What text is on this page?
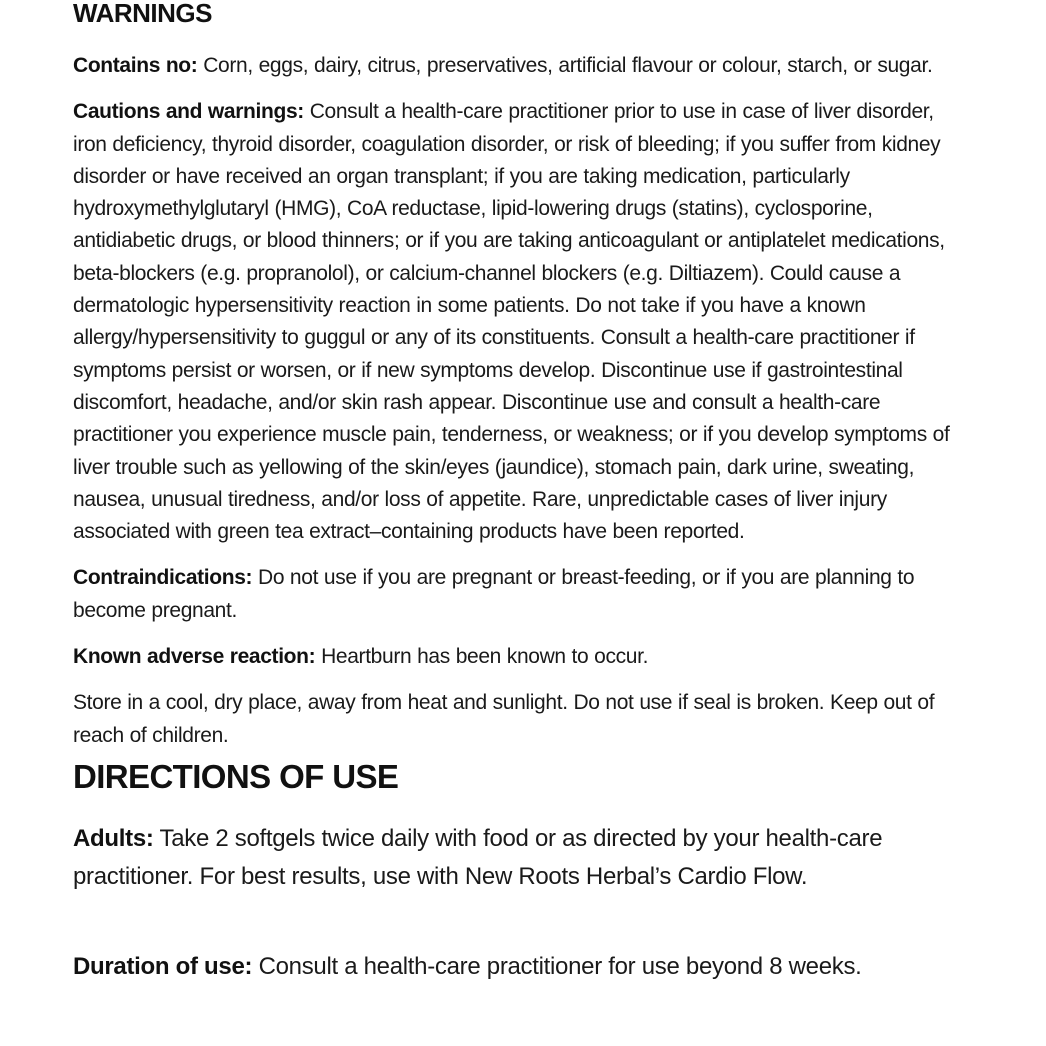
WARNINGS

Contains no: Corn, eggs, dairy, citrus, preservatives, artificial flavour or colour, starch, or sugar.

Cautions and warnings: Consult a health-care practitioner prior to use in case of liver disorder, iron deficiency, thyroid disorder, coagulation disorder, or risk of bleeding; if you suffer from kidney disorder or have received an organ transplant; if you are taking medication, particularly hydroxymethylglutaryl (HMG), CoA reductase, lipid-lowering drugs (statins), cyclosporine, antidiabetic drugs, or blood thinners; or if you are taking anticoagulant or antiplatelet medications, beta-blockers (e.g. propranolol), or calcium-channel blockers (e.g. Diltiazem). Could cause a dermatologic hypersensitivity reaction in some patients. Do not take if you have a known allergy/hypersensitivity to guggul or any of its constituents. Consult a health-care practitioner if symptoms persist or worsen, or if new symptoms develop. Discontinue use if gastrointestinal discomfort, headache, and/or skin rash appear. Discontinue use and consult a health-care practitioner you experience muscle pain, tenderness, or weakness; or if you develop symptoms of liver trouble such as yellowing of the skin/eyes (jaundice), stomach pain, dark urine, sweating, nausea, unusual tiredness, and/or loss of appetite. Rare, unpredictable cases of liver injury associated with green tea extract–containing products have been reported.

Contraindications: Do not use if you are pregnant or breast-feeding, or if you are planning to become pregnant.

Known adverse reaction: Heartburn has been known to occur.

Store in a cool, dry place, away from heat and sunlight. Do not use if seal is broken. Keep out of reach of children.

DIRECTIONS OF USE

Adults: Take 2 softgels twice daily with food or as directed by your health-care practitioner. For best results, use with New Roots Herbal’s Cardio Flow.

Duration of use: Consult a health-care practitioner for use beyond 8 weeks.
